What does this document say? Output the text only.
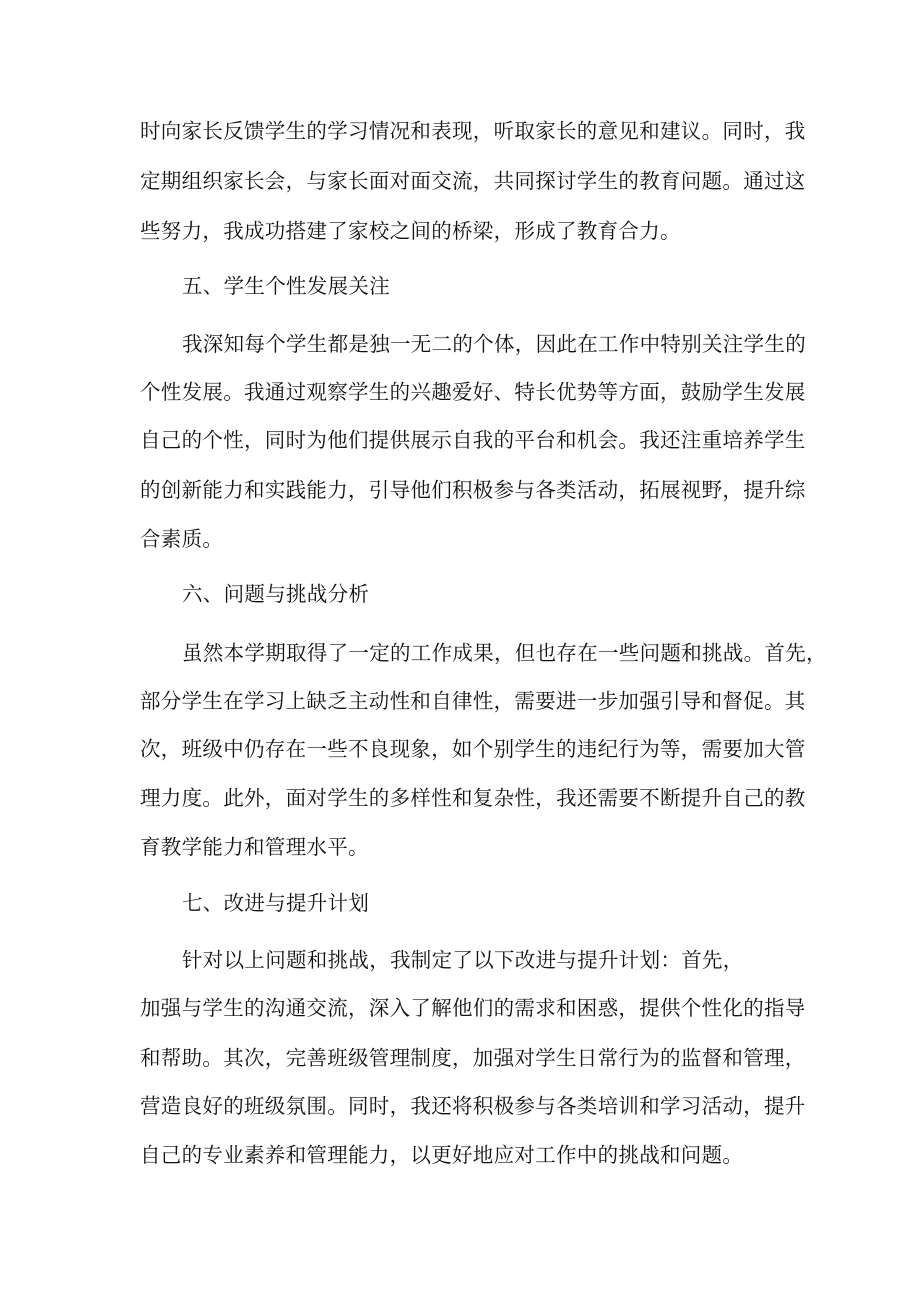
时向家长反馈学生的学习情况和表现，听取家长的意见和建议。同时，我
定期组织家长会，与家长面对面交流，共同探讨学生的教育问题。通过这
些努力，我成功搭建了家校之间的桥梁，形成了教育合力。
五、学生个性发展关注
我深知每个学生都是独一无二的个体，因此在工作中特别关注学生的
个性发展。我通过观察学生的兴趣爱好、特长优势等方面，鼓励学生发展
自己的个性，同时为他们提供展示自我的平台和机会。我还注重培养学生
的创新能力和实践能力，引导他们积极参与各类活动，拓展视野，提升综
合素质。
六、问题与挑战分析
虽然本学期取得了一定的工作成果，但也存在一些问题和挑战。首先，
部分学生在学习上缺乏主动性和自律性，需要进一步加强引导和督促。其
次，班级中仍存在一些不良现象，如个别学生的违纪行为等，需要加大管
理力度。此外，面对学生的多样性和复杂性，我还需要不断提升自己的教
育教学能力和管理水平。
七、改进与提升计划
针对以上问题和挑战，我制定了以下改进与提升计划：首先，
加强与学生的沟通交流，深入了解他们的需求和困惑，提供个性化的指导
和帮助。其次，完善班级管理制度，加强对学生日常行为的监督和管理，
营造良好的班级氛围。同时，我还将积极参与各类培训和学习活动，提升
自己的专业素养和管理能力，以更好地应对工作中的挑战和问题。
